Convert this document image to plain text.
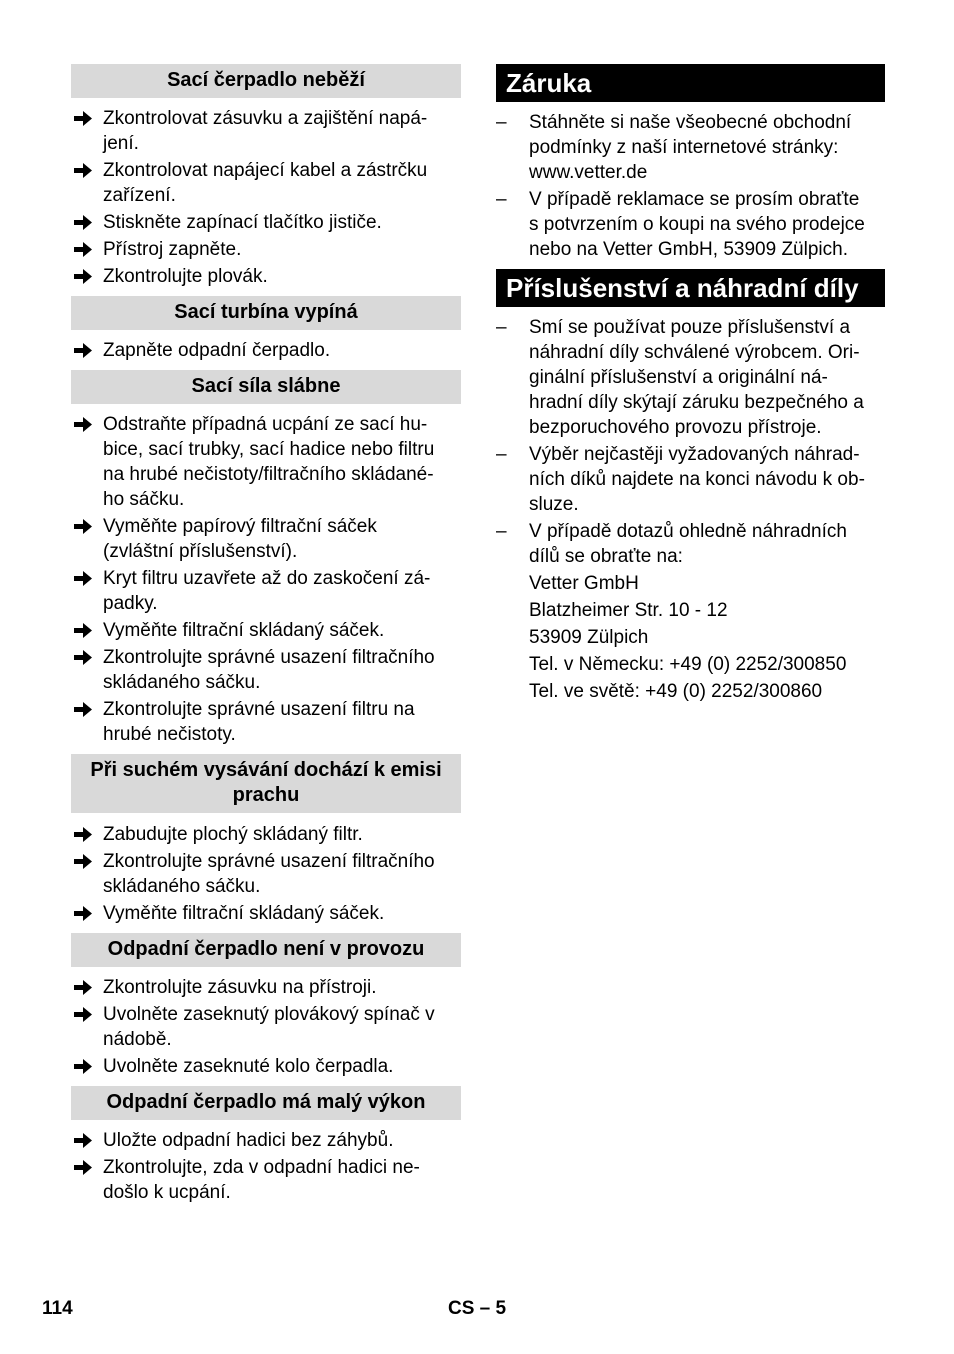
Sací čerpadlo neběží
Zkontrolovat zásuvku a zajištění napá-
jení.
Zkontrolovat napájecí kabel a zástrčku
zařízení.
Stiskněte zapínací tlačítko jističe.
Přístroj zapněte.
Zkontrolujte plovák.
Sací turbína vypíná
Zapněte odpadní čerpadlo.
Sací síla slábne
Odstraňte případná ucpání ze sací hu-
bice, sací trubky, sací hadice nebo filtru
na hrubé nečistoty/filtračního skládané-
ho sáčku.
Vyměňte papírový filtrační sáček
(zvláštní příslušenství).
Kryt filtru uzavřete až do zaskočení zá-
padky.
Vyměňte filtrační skládaný sáček.
Zkontrolujte správné usazení filtračního
skládaného sáčku.
Zkontrolujte správné usazení filtru na
hrubé nečistoty.
Při suchém vysávání dochází k emisi prachu
Zabudujte plochý skládaný filtr.
Zkontrolujte správné usazení filtračního
skládaného sáčku.
Vyměňte filtrační skládaný sáček.
Odpadní čerpadlo není v provozu
Zkontrolujte zásuvku na přístroji.
Uvolněte zaseknutý plovákový spínač v
nádobě.
Uvolněte zaseknuté kolo čerpadla.
Odpadní čerpadlo má malý výkon
Uložte odpadní hadici bez záhybů.
Zkontrolujte, zda v odpadní hadici ne-
došlo k ucpání.
Záruka
– Stáhněte si naše všeobecné obchodní
podmínky z naší internetové stránky:
www.vetter.de
– V případě reklamace se prosím obraťte
s potvrzením o koupi na svého prodejce
nebo na Vetter GmbH, 53909 Zülpich.
Příslušenství a náhradní díly
– Smí se používat pouze příslušenství a
náhradní díly schválené výrobcem. Ori-
ginální příslušenství a originální ná-
hradní díly skýtají záruku bezpečného a
bezporuchového provozu přístroje.
– Výběr nejčastěji vyžadovaných náhrad-
ních díků najdete na konci návodu k ob-
sluze.
– V případě dotazů ohledně náhradních
dílů se obraťte na:
Vetter GmbH
Blatzheimer Str. 10 - 12
53909 Zülpich
Tel. v Německu: +49 (0) 2252/300850
Tel. ve světě: +49 (0) 2252/300860
114	CS – 5
